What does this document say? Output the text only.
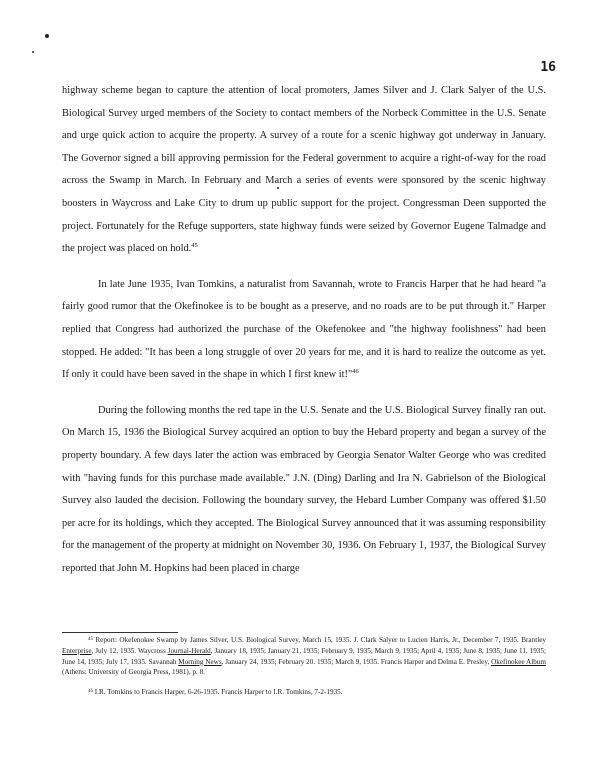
16

highway scheme began to capture the attention of local promoters, James Silver and J. Clark Salyer of the U.S. Biological Survey urged members of the Society to contact members of the Norbeck Committee in the U.S. Senate and urge quick action to acquire the property. A survey of a route for a scenic highway got underway in January. The Governor signed a bill approving permission for the Federal government to acquire a right-of-way for the road across the Swamp in March. In February and March a series of events were sponsored by the scenic highway boosters in Waycross and Lake City to drum up public support for the project. Congressman Deen supported the project. Fortunately for the Refuge supporters, state highway funds were seized by Governor Eugene Talmadge and the project was placed on hold.$^{45}$

In late June 1935, Ivan Tomkins, a naturalist from Savannah, wrote to Francis Harper that he had heard "a fairly good rumor that the Okefinokee is to be bought as a preserve, and no roads are to be put through it." Harper replied that Congress had authorized the purchase of the Okefenokee and "the highway foolishness" had been stopped. He added: "It has been a long struggle of over 20 years for me, and it is hard to realize the outcome as yet. If only it could have been saved in the shape in which I first knew it!"$^{46}$

During the following months the red tape in the U.S. Senate and the U.S. Biological Survey finally ran out. On March 15, 1936 the Biological Survey acquired an option to buy the Hebard property and began a survey of the property boundary. A few days later the action was embraced by Georgia Senator Walter George who was credited with "having funds for this purchase made available." J.N. (Ding) Darling and Ira N. Gabrielson of the Biological Survey also lauded the decision. Following the boundary survey, the Hebard Lumber Company was offered $1.50 per acre for its holdings, which they accepted. The Biological Survey announced that it was assuming responsibility for the management of the property at midnight on November 30, 1936. On February 1, 1937, the Biological Survey reported that John M. Hopkins had been placed in charge

$^{45}$ Report: Okefenokee Swamp by James Silver, U.S. Biological Survey, March 15, 1935. J. Clark Salyer to Lucien Harris, Jr., December 7, 1935. Brantley Enterprise, July 12, 1935. Waycross Journal-Herald, January 18, 1935; January 21, 1935; February 9, 1935; March 9, 1935; April 4, 1935; June 8, 1935; June 11, 1935; June 14, 1935; July 17, 1935. Savannah Morning News, January 24, 1935; February 20. 1935; March 9, 1935. Francis Harper and Delma E. Presley, Okefinokee Album (Athens: University of Georgia Press, 1981), p. 8.

$^{46}$ I.R. Tomkins to Francis Harper, 6-26-1935. Francis Harper to I.R. Tomkins, 7-2-1935.
